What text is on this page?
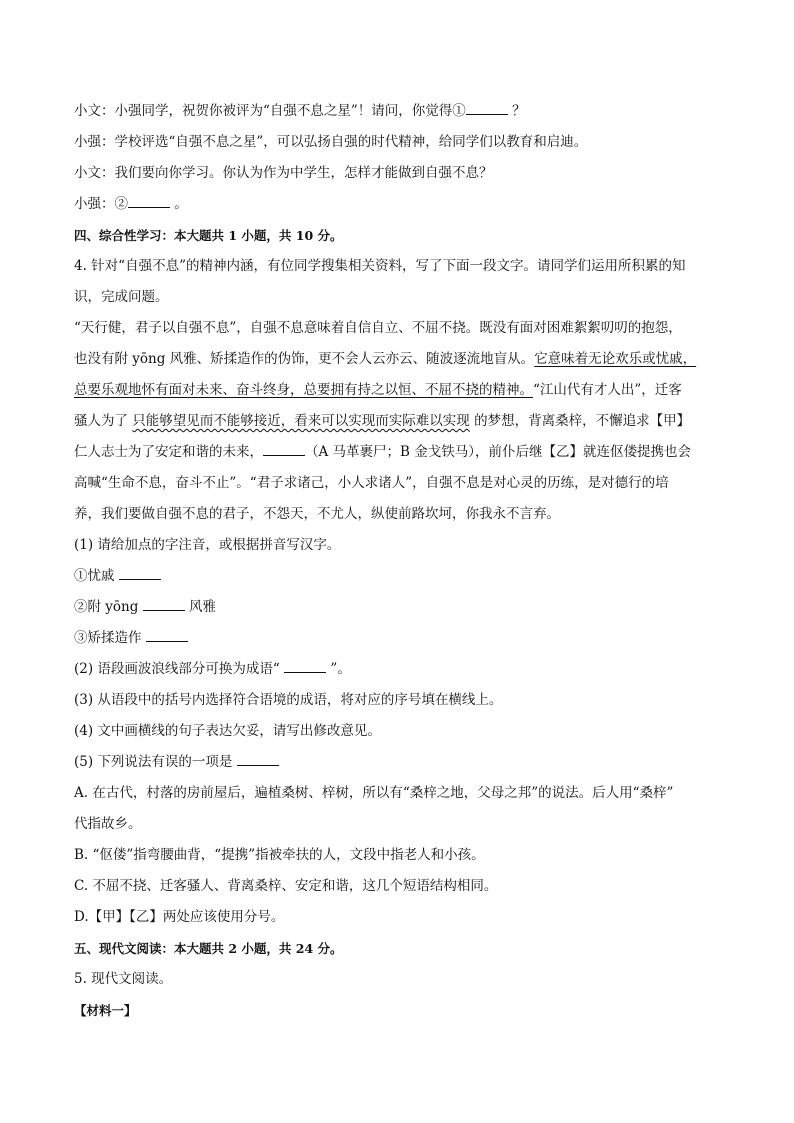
小文：小强同学，祝贺你被评为“自强不息之星”！请问，你觉得①	？
小强：学校评选“自强不息之星”，可以弘扬自强的时代精神，给同学们以教育和启迪。
小文：我们要向你学习。你认为作为中学生，怎样才能做到自强不息？
小强：②	。
四、综合性学习：本大题共 1 小题，共 10 分。
4. 针对“自强不息”的精神内涵，有位同学搜集相关资料，写了下面一段文字。请同学们运用所积累的知
识，完成问题。
“天行健，君子以自强不息”，自强不息意味着自信自立、不屈不挠。既没有面对困难絮絮叨叨的抱怨，
也没有附 yōng 风雅、矫揉造作的伪饰，更不会人云亦云、随波逐流地盲从。它意味着无论欢乐或忧戚，
总要乐观地怀有面对未来、奋斗终身，总要拥有持之以恒、不屈不挠的精神。“江山代有才人出”，迁客
骚人为了 只能够望见而不能够接近，看来可以实现而实际难以实现 的梦想，背离桑梓，不懈追求【甲】
仁人志士为了安定和谐的未来，	（A 马革裹尸；B 金戈铁马），前仆后继【乙】就连伛偻提携也会
高喊“生命不息，奋斗不止”。“君子求诸己，小人求诸人”，自强不息是对心灵的历练，是对德行的培
养，我们要做自强不息的君子，不怨天，不尤人，纵使前路坎坷，你我永不言弃。
(1) 请给加点的字注音，或根据拼音写汉字。
①忧戚
②附 yōng	风雅
③矫揉造作
(2) 语段画波浪线部分可换为成语“	”。
(3) 从语段中的括号内选择符合语境的成语，将对应的序号填在横线上。
(4) 文中画横线的句子表达欠妥，请写出修改意见。
(5) 下列说法有误的一项是
A. 在古代，村落的房前屋后，遍植桑树、梓树，所以有“桑梓之地，父母之邦”的说法。后人用“桑梓”
代指故乡。
B. “伛偻”指弯腰曲背，“提携”指被牵扶的人，文段中指老人和小孩。
C. 不屈不挠、迁客骚人、背离桑梓、安定和谐，这几个短语结构相同。
D.【甲】【乙】两处应该使用分号。
五、现代文阅读：本大题共 2 小题，共 24 分。
5. 现代文阅读。
【材料一】
